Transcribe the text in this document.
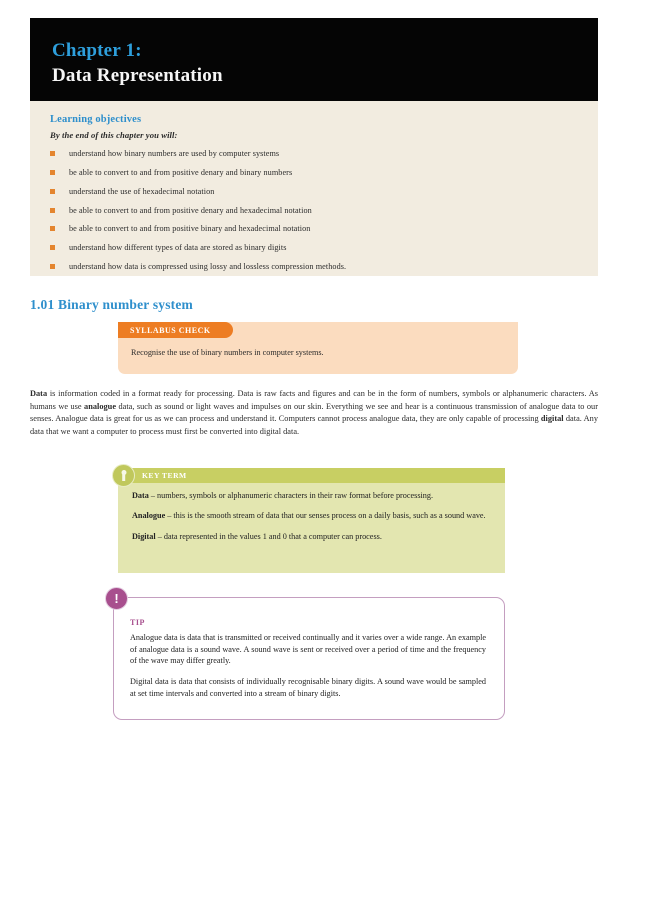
Chapter 1:
Data Representation
Learning objectives
By the end of this chapter you will:
understand how binary numbers are used by computer systems
be able to convert to and from positive denary and binary numbers
understand the use of hexadecimal notation
be able to convert to and from positive denary and hexadecimal notation
be able to convert to and from positive binary and hexadecimal notation
understand how different types of data are stored as binary digits
understand how data is compressed using lossy and lossless compression methods.
1.01 Binary number system
SYLLABUS CHECK
Recognise the use of binary numbers in computer systems.
Data is information coded in a format ready for processing. Data is raw facts and figures and can be in the form of numbers, symbols or alphanumeric characters. As humans we use analogue data, such as sound or light waves and impulses on our skin. Everything we see and hear is a continuous transmission of analogue data to our senses. Analogue data is great for us as we can process and understand it. Computers cannot process analogue data, they are only capable of processing digital data. Any data that we want a computer to process must first be converted into digital data.
KEY TERM

Data – numbers, symbols or alphanumeric characters in their raw format before processing.

Analogue – this is the smooth stream of data that our senses process on a daily basis, such as a sound wave.

Digital – data represented in the values 1 and 0 that a computer can process.

!
TIP

Analogue data is data that is transmitted or received continually and it varies over a wide range. An example of analogue data is a sound wave. A sound wave is sent or received over a period of time and the frequency of the wave may differ greatly.

Digital data is data that consists of individually recognisable binary digits. A sound wave would be sampled at set time intervals and converted into a stream of binary digits.
